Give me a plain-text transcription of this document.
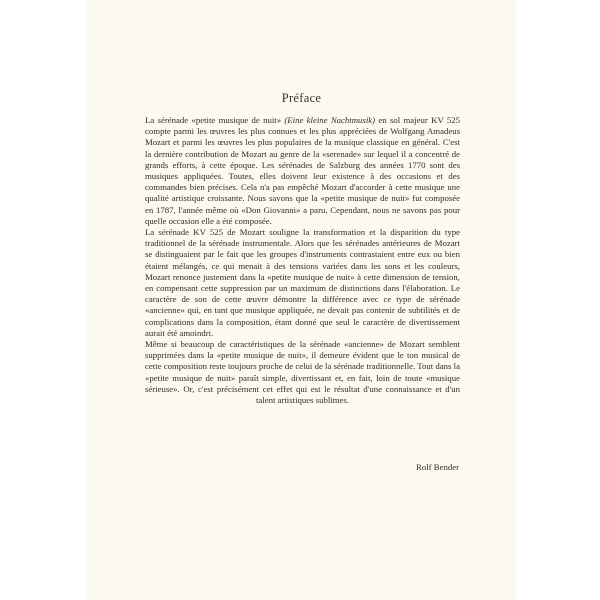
Préface

La sérénade «petite musique de nuit» (Eine kleine Nachtmusik) en sol majeur KV 525 compte parmi les œuvres les plus connues et les plus appréciées de Wolfgang Amadeus Mozart et parmi les œuvres les plus populaires de la musique classique en général. C'est la dernière contribution de Mozart au genre de la «serenade» sur lequel il a concentré de grands efforts, à cette époque. Les sérénades de Salzburg des années 1770 sont des musiques appliquées. Toutes, elles doivent leur existence à des occasions et des commandes bien précises. Cela n'a pas empêché Mozart d'accorder à cette musique une qualité artistique croissante. Nous savons que la «petite musique de nuit» fut composée en 1787, l'année même où «Don Giovanni» a paru. Cependant, nous ne savons pas pour quelle occasion elle a été composée.

La sérénade KV 525 de Mozart souligne la transformation et la disparition du type traditionnel de la sérénade instrumentale. Alors que les sérénades antérieures de Mozart se distinguaient par le fait que les groupes d'instruments contrastaient entre eux ou bien étaient mélangés, ce qui menait à des tensions variées dans les sons et les couleurs, Mozart renonce justement dans la «petite musique de nuit» à cette dimension de tension, en compensant cette suppression par un maximum de distinctions dans l'élaboration. Le caractère de son de cette œuvre démontre la différence avec ce type de sérénade «ancienne» qui, en tant que musique appliquée, ne devait pas contenir de subtilités et de complications dans la composition, étant donné que seul le caractère de divertissement aurait été amoindri.

Même si beaucoup de caractéristiques de la sérénade «ancienne» de Mozart semblent supprimées dans la «petite musique de nuit», il demeure évident que le ton musical de cette composition reste toujours proche de celui de la sérénade traditionnelle. Tout dans la «petite musique de nuit» paraît simple, divertissant et, en fait, loin de toute «musique sérieuse». Or, c'est précisément cet effet qui est le résultat d'une connaissance et d'un talent artistiques sublimes.

Rolf Bender
